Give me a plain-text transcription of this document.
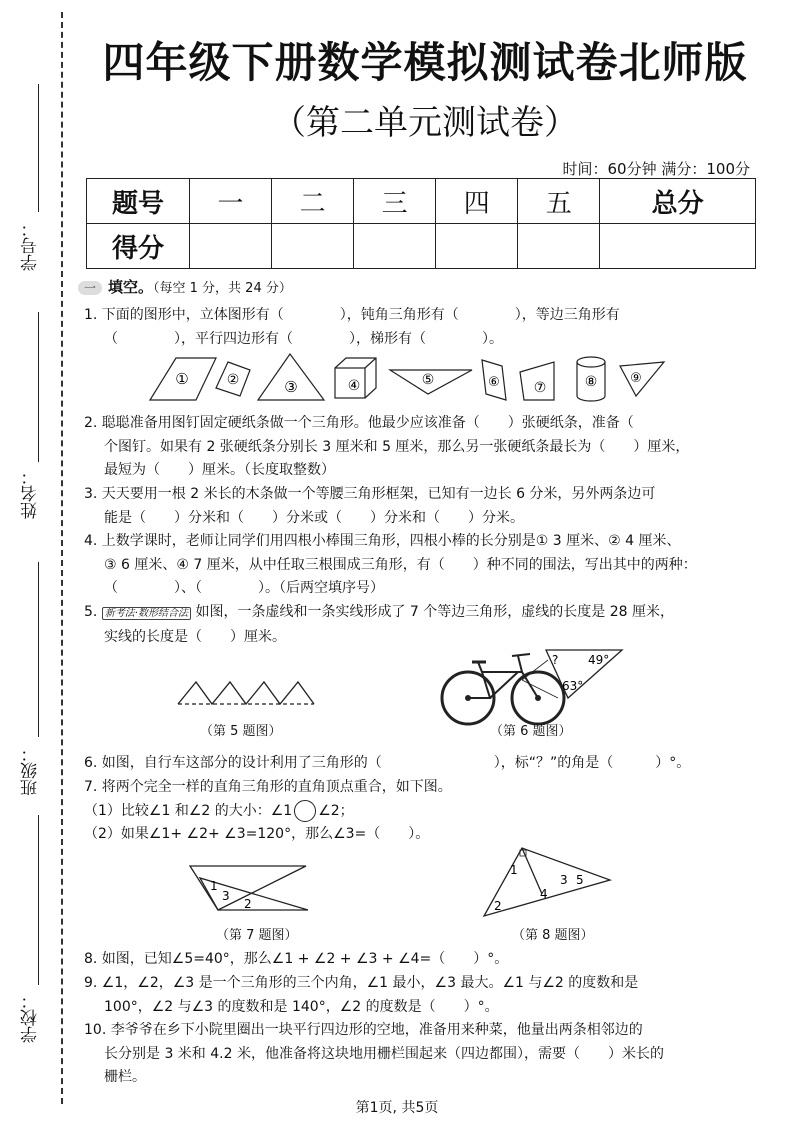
学号：
姓名：
班级：
学校：
四年级下册数学模拟测试卷北师版
（第二单元测试卷）
时间：60分钟 满分：100分
题号	一	二	三	四	五	总分
得分						
一 填空。（每空 1 分，共 24 分）
1. 下面的图形中，立体图形有（　　　　），钝角三角形有（　　　　），等边三角形有
（　　　　），平行四边形有（　　　　），梯形有（　　　　）。
①	②	③	④	⑤	⑥ ⑦	⑧	⑨
2. 聪聪准备用图钉固定硬纸条做一个三角形。他最少应该准备（　　）张硬纸条，准备（
个图钉。如果有 2 张硬纸条分别长 3 厘米和 5 厘米，那么另一张硬纸条最长为（　　）厘米，
最短为（　　）厘米。（长度取整数）
3. 天天要用一根 2 米长的木条做一个等腰三角形框架，已知有一边长 6 分米，另外两条边可
能是（　　）分米和（　　）分米或（　　）分米和（　　）分米。
4. 上数学课时，老师让同学们用四根小棒围三角形，四根小棒的长分别是① 3 厘米、② 4 厘米、
③ 6 厘米、④ 7 厘米，从中任取三根围成三角形，有（　　）种不同的围法，写出其中的两种：
（　　　　）、（　　　　）。（后两空填序号）
5. 新考法·数形结合法 如图，一条虚线和一条实线形成了 7 个等边三角形，虚线的长度是 28 厘米，
实线的长度是（　　）厘米。
（第 5 题图）
? 49°
63°
（第 6 题图）
6. 如图，自行车这部分的设计利用了三角形的（　　　　　　　　），标“？”的角是（　　　）°。
7. 将两个完全一样的直角三角形的直角顶点重合，如下图。
（1）比较∠1 和∠2 的大小：∠1 ∠2；
（2）如果∠1+ ∠2+ ∠3=120°，那么∠3=（　　）。
1
3
2
（第 7 题图）
1
2
4
3 5
（第 8 题图）
8. 如图，已知∠5=40°，那么∠1 + ∠2 + ∠3 + ∠4=（　　）°。
9. ∠1，∠2，∠3 是一个三角形的三个内角，∠1 最小，∠3 最大。∠1 与∠2 的度数和是
100°，∠2 与∠3 的度数和是 140°，∠2 的度数是（　　）°。
10. 李爷爷在乡下小院里圈出一块平行四边形的空地，准备用来种菜，他量出两条相邻边的
长分别是 3 米和 4.2 米，他准备将这块地用栅栏围起来（四边都围），需要（　　）米长的
栅栏。
第1页, 共5页
